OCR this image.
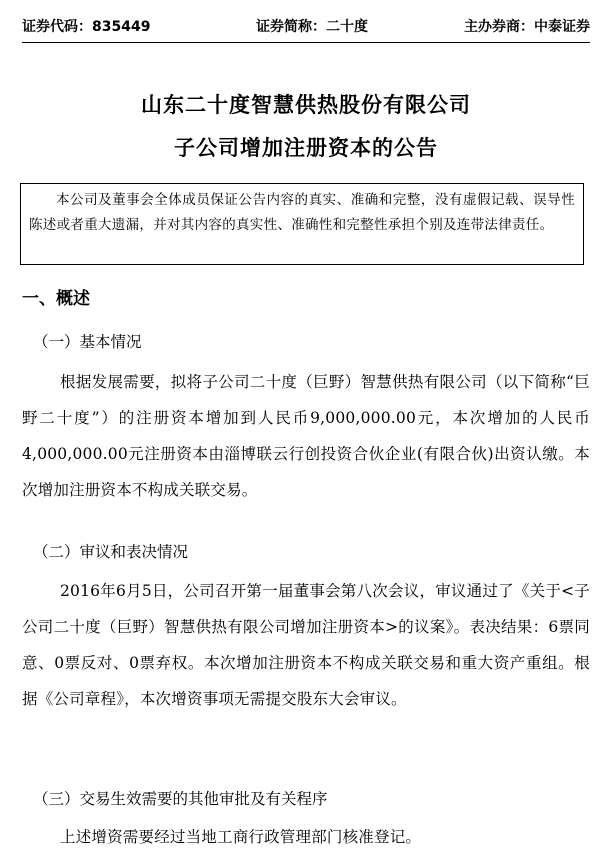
证券代码：835449	证券简称：二十度	主办券商：中泰证券
山东二十度智慧供热股份有限公司
子公司增加注册资本的公告
本公司及董事会全体成员保证公告内容的真实、准确和完整，没有虚假记载、误导性陈述或者重大遗漏，并对其内容的真实性、准确性和完整性承担个别及连带法律责任。
一、概述
（一）基本情况
根据发展需要，拟将子公司二十度（巨野）智慧供热有限公司（以下简称“巨野二十度”）的注册资本增加到人民币9,000,000.00元，本次增加的人民币4,000,000.00元注册资本由淄博联云行创投资合伙企业(有限合伙)出资认缴。本次增加注册资本不构成关联交易。
（二）审议和表决情况
2016年6月5日，公司召开第一届董事会第八次会议，审议通过了《关于<子公司二十度（巨野）智慧供热有限公司增加注册资本>的议案》。表决结果：6票同意、0票反对、0票弃权。本次增加注册资本不构成关联交易和重大资产重组。根据《公司章程》，本次增资事项无需提交股东大会审议。
（三）交易生效需要的其他审批及有关程序
上述增资需要经过当地工商行政管理部门核准登记。
